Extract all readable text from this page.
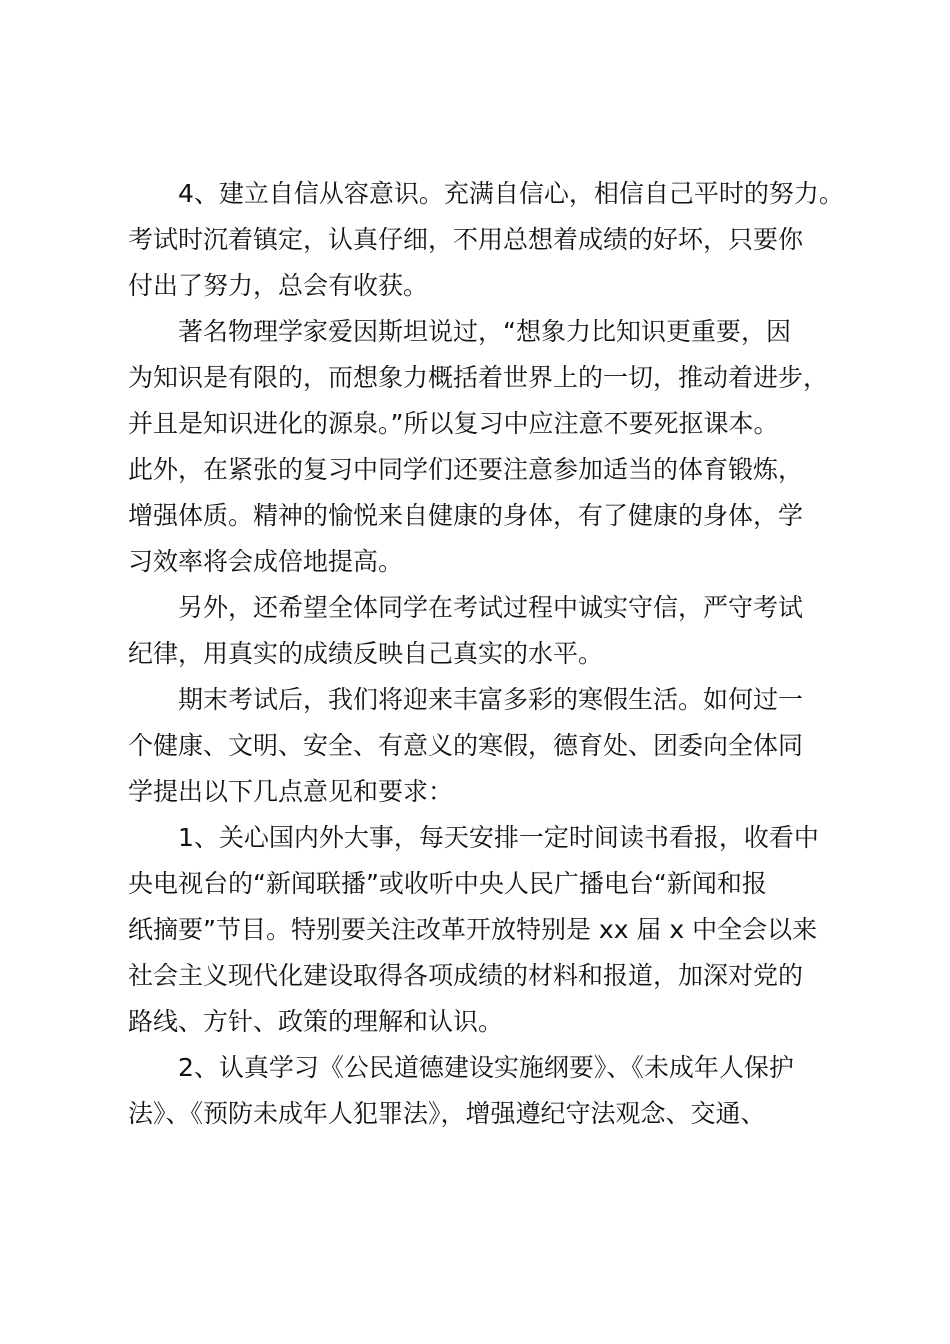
4、建立自信从容意识。充满自信心，相信自己平时的努力。
考试时沉着镇定，认真仔细，不用总想着成绩的好坏，只要你
付出了努力，总会有收获。
著名物理学家爱因斯坦说过，“想象力比知识更重要，因
为知识是有限的，而想象力概括着世界上的一切，推动着进步，
并且是知识进化的源泉。”所以复习中应注意不要死抠课本。
此外，在紧张的复习中同学们还要注意参加适当的体育锻炼，
增强体质。精神的愉悦来自健康的身体，有了健康的身体，学
习效率将会成倍地提高。
另外，还希望全体同学在考试过程中诚实守信，严守考试
纪律，用真实的成绩反映自己真实的水平。
期末考试后，我们将迎来丰富多彩的寒假生活。如何过一
个健康、文明、安全、有意义的寒假，德育处、团委向全体同
学提出以下几点意见和要求：
1、关心国内外大事，每天安排一定时间读书看报，收看中
央电视台的“新闻联播”或收听中央人民广播电台“新闻和报
纸摘要”节目。特别要关注改革开放特别是 xx 届 x 中全会以来
社会主义现代化建设取得各项成绩的材料和报道，加深对党的
路线、方针、政策的理解和认识。
2、认真学习《公民道德建设实施纲要》、《未成年人保护
法》、《预防未成年人犯罪法》，增强遵纪守法观念、交通、
